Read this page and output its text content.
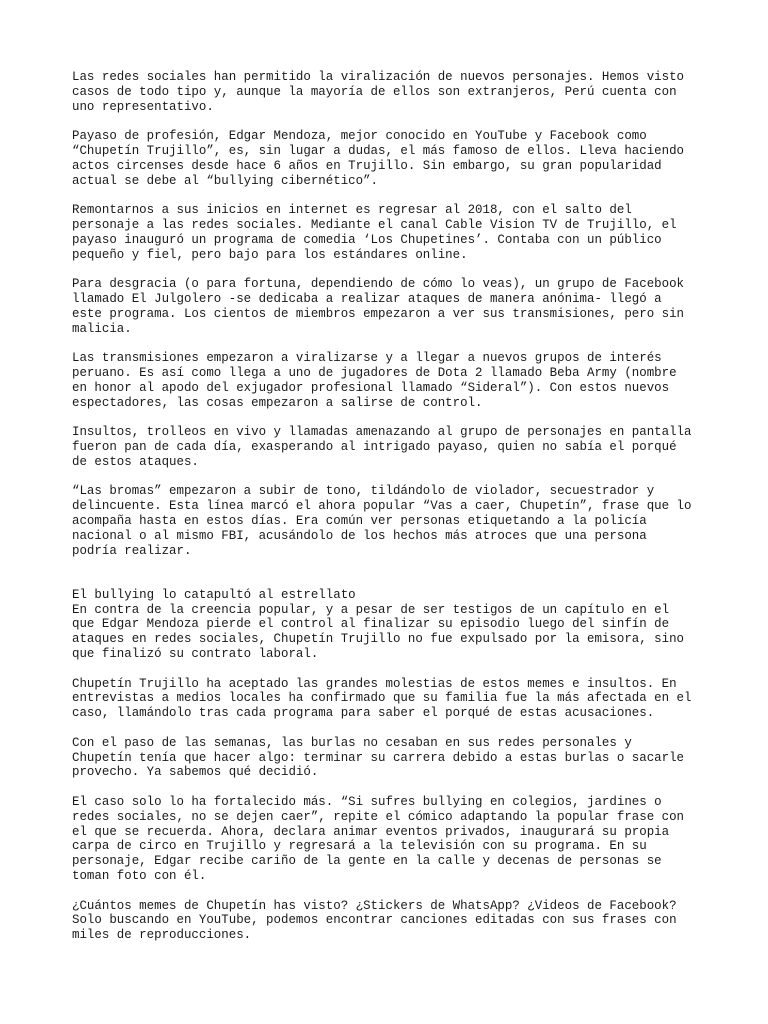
Las redes sociales han permitido la viralización de nuevos personajes. Hemos visto
casos de todo tipo y, aunque la mayoría de ellos son extranjeros, Perú cuenta con
uno representativo.

Payaso de profesión, Edgar Mendoza, mejor conocido en YouTube y Facebook como
“Chupetín Trujillo”, es, sin lugar a dudas, el más famoso de ellos. Lleva haciendo
actos circenses desde hace 6 años en Trujillo. Sin embargo, su gran popularidad
actual se debe al “bullying cibernético”.

Remontarnos a sus inicios en internet es regresar al 2018, con el salto del
personaje a las redes sociales. Mediante el canal Cable Vision TV de Trujillo, el
payaso inauguró un programa de comedia ‘Los Chupetines’. Contaba con un público
pequeño y fiel, pero bajo para los estándares online.

Para desgracia (o para fortuna, dependiendo de cómo lo veas), un grupo de Facebook
llamado El Julgolero -se dedicaba a realizar ataques de manera anónima- llegó a
este programa. Los cientos de miembros empezaron a ver sus transmisiones, pero sin
malicia.

Las transmisiones empezaron a viralizarse y a llegar a nuevos grupos de interés
peruano. Es así como llega a uno de jugadores de Dota 2 llamado Beba Army (nombre
en honor al apodo del exjugador profesional llamado “Sideral”). Con estos nuevos
espectadores, las cosas empezaron a salirse de control.

Insultos, trolleos en vivo y llamadas amenazando al grupo de personajes en pantalla
fueron pan de cada día, exasperando al intrigado payaso, quien no sabía el porqué
de estos ataques.

“Las bromas” empezaron a subir de tono, tildándolo de violador, secuestrador y
delincuente. Esta línea marcó el ahora popular “Vas a caer, Chupetín”, frase que lo
acompaña hasta en estos días. Era común ver personas etiquetando a la policía
nacional o al mismo FBI, acusándolo de los hechos más atroces que una persona
podría realizar.

El bullying lo catapultó al estrellato

En contra de la creencia popular, y a pesar de ser testigos de un capítulo en el
que Edgar Mendoza pierde el control al finalizar su episodio luego del sinfín de
ataques en redes sociales, Chupetín Trujillo no fue expulsado por la emisora, sino
que finalizó su contrato laboral.

Chupetín Trujillo ha aceptado las grandes molestias de estos memes e insultos. En
entrevistas a medios locales ha confirmado que su familia fue la más afectada en el
caso, llamándolo tras cada programa para saber el porqué de estas acusaciones.

Con el paso de las semanas, las burlas no cesaban en sus redes personales y
Chupetín tenía que hacer algo: terminar su carrera debido a estas burlas o sacarle
provecho. Ya sabemos qué decidió.

El caso solo lo ha fortalecido más. “Si sufres bullying en colegios, jardines o
redes sociales, no se dejen caer”, repite el cómico adaptando la popular frase con
el que se recuerda. Ahora, declara animar eventos privados, inaugurará su propia
carpa de circo en Trujillo y regresará a la televisión con su programa. En su
personaje, Edgar recibe cariño de la gente en la calle y decenas de personas se
toman foto con él.

¿Cuántos memes de Chupetín has visto? ¿Stickers de WhatsApp? ¿Videos de Facebook?
Solo buscando en YouTube, podemos encontrar canciones editadas con sus frases con
miles de reproducciones.
